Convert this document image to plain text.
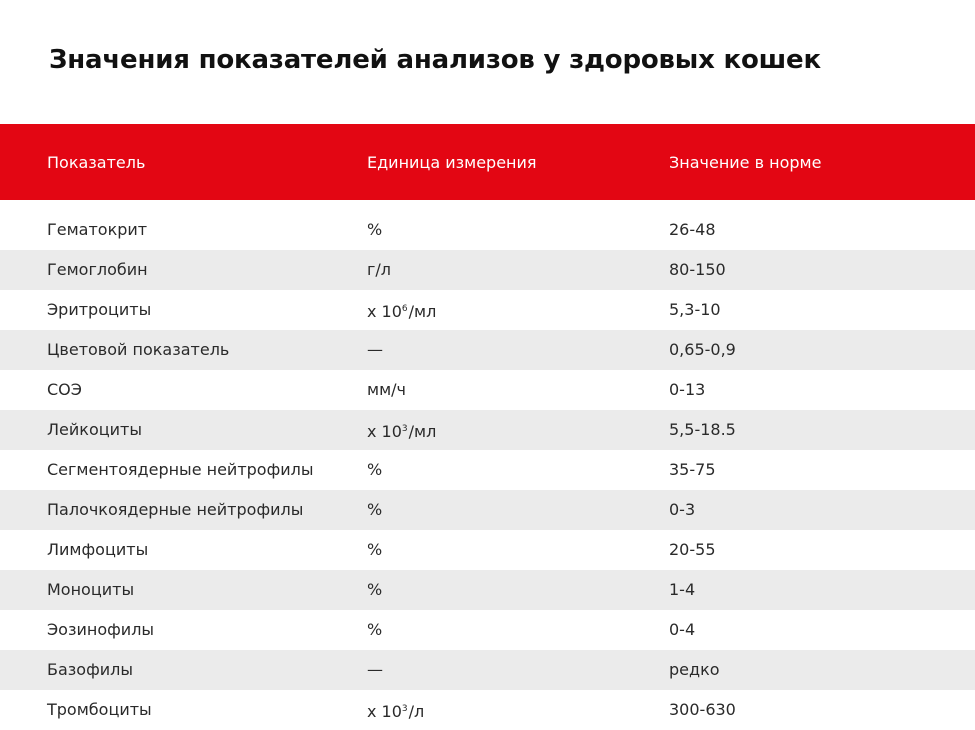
Значения показателей анализов у здоровых кошек
Показатель	Единица измерения	Значение в норме
Гематокрит	%	26-48
Гемоглобин	г/л	80-150
Эритроциты	х $10^6/мл$	5,3-10
Цветовой показатель	—	0,65-0,9
СОЭ	мм/ч	0-13
Лейкоциты	х $10^3/мл$	5,5-18.5
Сегментоядерные нейтрофилы	%	35-75
Палочкоядерные нейтрофилы	%	0-3
Лимфоциты	%	20-55
Моноциты	%	1-4
Эозинофилы	%	0-4
Базофилы	—	редко
Тромбоциты	х $10^3/л$	300-630
